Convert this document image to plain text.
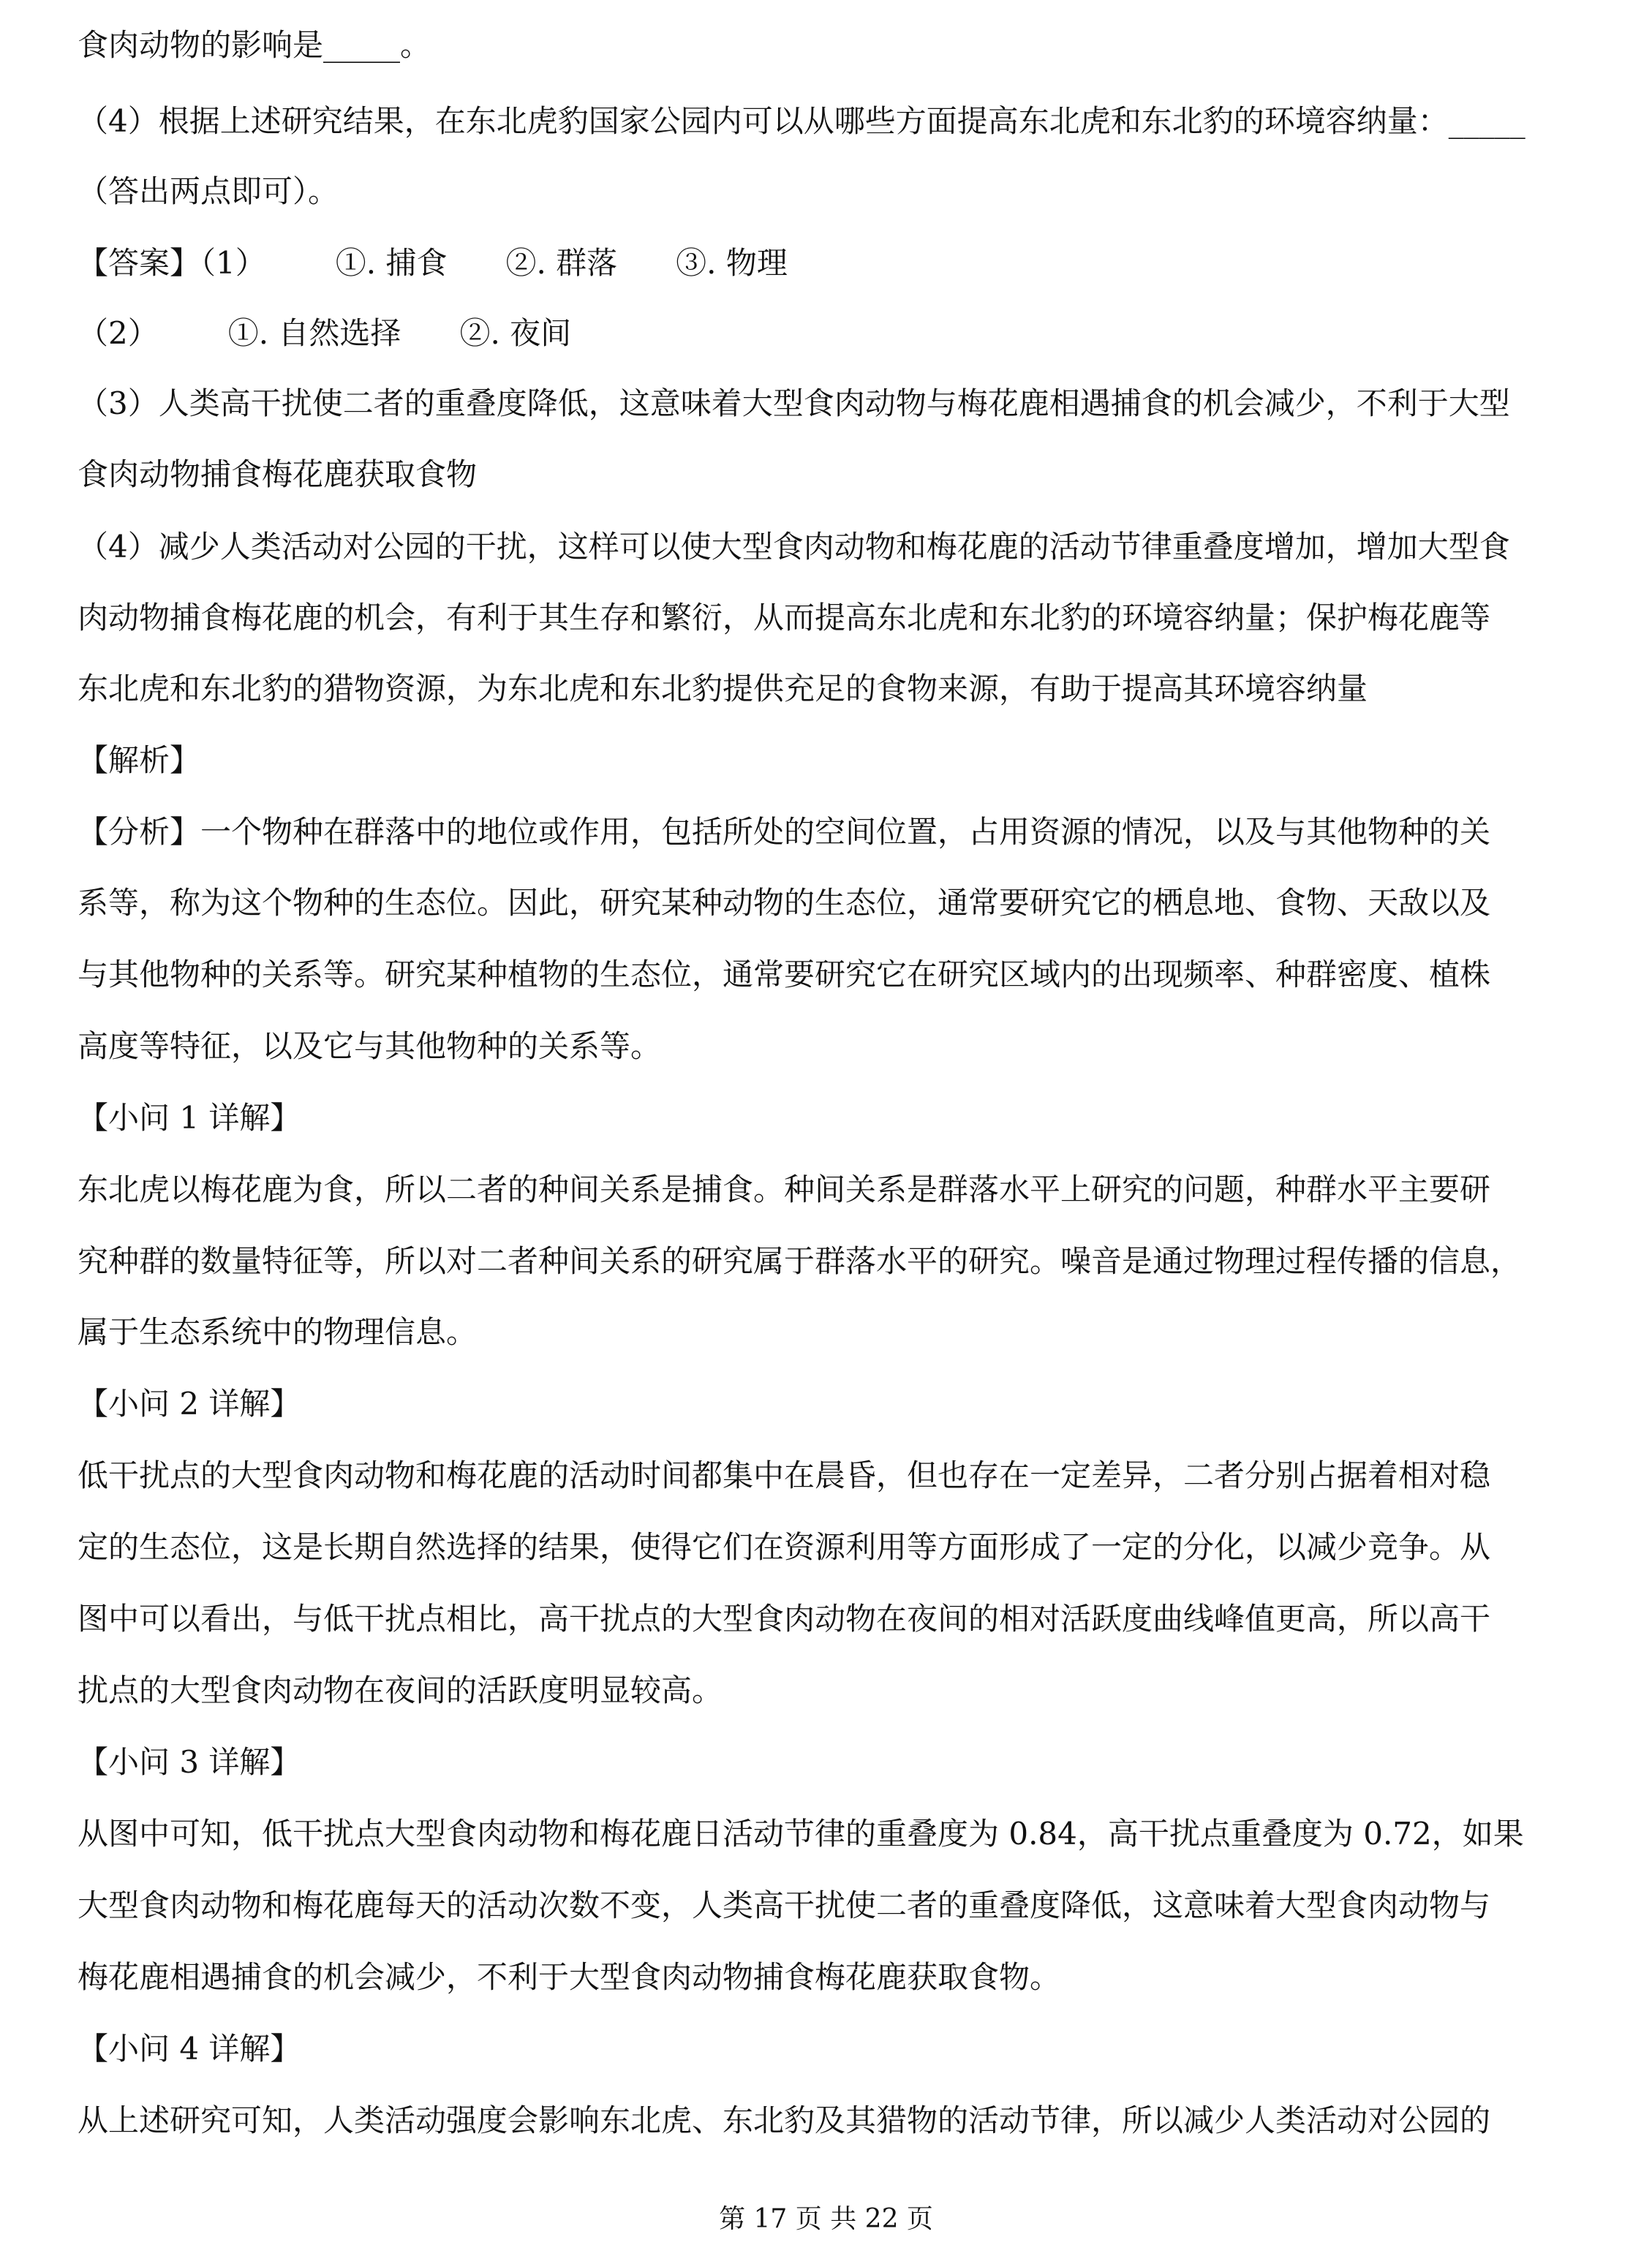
食肉动物的影响是_____。
（4）根据上述研究结果，在东北虎豹国家公园内可以从哪些方面提高东北虎和东北豹的环境容纳量：_____
（答出两点即可）。
【答案】（1） ①. 捕食 ②. 群落 ③. 物理
（2） ①. 自然选择 ②. 夜间
（3）人类高干扰使二者的重叠度降低，这意味着大型食肉动物与梅花鹿相遇捕食的机会减少，不利于大型
食肉动物捕食梅花鹿获取食物
（4）减少人类活动对公园的干扰，这样可以使大型食肉动物和梅花鹿的活动节律重叠度增加，增加大型食
肉动物捕食梅花鹿的机会，有利于其生存和繁衍，从而提高东北虎和东北豹的环境容纳量；保护梅花鹿等
东北虎和东北豹的猎物资源，为东北虎和东北豹提供充足的食物来源，有助于提高其环境容纳量
【解析】
【分析】一个物种在群落中的地位或作用，包括所处的空间位置，占用资源的情况，以及与其他物种的关
系等，称为这个物种的生态位。因此，研究某种动物的生态位，通常要研究它的栖息地、食物、天敌以及
与其他物种的关系等。研究某种植物的生态位，通常要研究它在研究区域内的出现频率、种群密度、植株
高度等特征，以及它与其他物种的关系等。
【小问 1 详解】
东北虎以梅花鹿为食，所以二者的种间关系是捕食。种间关系是群落水平上研究的问题，种群水平主要研
究种群的数量特征等，所以对二者种间关系的研究属于群落水平的研究。噪音是通过物理过程传播的信息，
属于生态系统中的物理信息。
【小问 2 详解】
低干扰点的大型食肉动物和梅花鹿的活动时间都集中在晨昏，但也存在一定差异，二者分别占据着相对稳
定的生态位，这是长期自然选择的结果，使得它们在资源利用等方面形成了一定的分化，以减少竞争。从
图中可以看出，与低干扰点相比，高干扰点的大型食肉动物在夜间的相对活跃度曲线峰值更高，所以高干
扰点的大型食肉动物在夜间的活跃度明显较高。
【小问 3 详解】
从图中可知，低干扰点大型食肉动物和梅花鹿日活动节律的重叠度为 0.84，高干扰点重叠度为 0.72，如果
大型食肉动物和梅花鹿每天的活动次数不变，人类高干扰使二者的重叠度降低，这意味着大型食肉动物与
梅花鹿相遇捕食的机会减少，不利于大型食肉动物捕食梅花鹿获取食物。
【小问 4 详解】
从上述研究可知，人类活动强度会影响东北虎、东北豹及其猎物的活动节律，所以减少人类活动对公园的
第 17 页 共 22 页
